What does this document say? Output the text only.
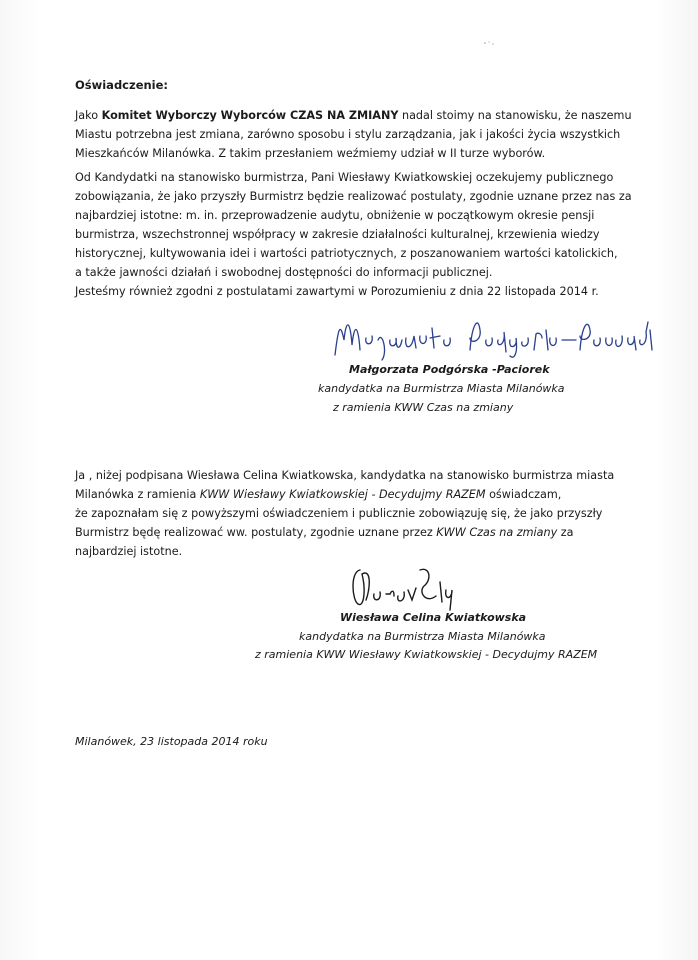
Oświadczenie:
Jako Komitet Wyborczy Wyborców CZAS NA ZMIANY nadal stoimy na stanowisku, że naszemu
Miastu potrzebna jest zmiana, zarówno sposobu i stylu zarządzania, jak i jakości życia wszystkich
Mieszkańców Milanówka. Z takim przesłaniem weźmiemy udział w II turze wyborów.
Od Kandydatki na stanowisko burmistrza, Pani Wiesławy Kwiatkowskiej oczekujemy publicznego
zobowiązania, że jako przyszły Burmistrz będzie realizować postulaty, zgodnie uznane przez nas za
najbardziej istotne: m. in. przeprowadzenie audytu, obniżenie w początkowym okresie pensji
burmistrza, wszechstronnej współpracy w zakresie działalności kulturalnej, krzewienia wiedzy
historycznej, kultywowania idei i wartości patriotycznych, z poszanowaniem wartości katolickich,
a także jawności działań i swobodnej dostępności do informacji publicznej.
Jesteśmy również zgodni z postulatami zawartymi w Porozumieniu z dnia 22 listopada 2014 r.
Małgorzata Podgórska -Paciorek
kandydatka na Burmistrza Miasta Milanówka
z ramienia KWW Czas na zmiany
Ja , niżej podpisana Wiesława Celina Kwiatkowska, kandydatka na stanowisko burmistrza miasta
Milanówka z ramienia KWW Wiesławy Kwiatkowskiej - Decydujmy RAZEM oświadczam,
że zapoznałam się z powyższymi oświadczeniem i publicznie zobowiązuję się, że jako przyszły
Burmistrz będę realizować ww. postulaty, zgodnie uznane przez KWW Czas na zmiany za
najbardziej istotne.
Wiesława Celina Kwiatkowska
kandydatka na Burmistrza Miasta Milanówka
z ramienia KWW Wiesławy Kwiatkowskiej - Decydujmy RAZEM
Milanówek, 23 listopada 2014 roku
